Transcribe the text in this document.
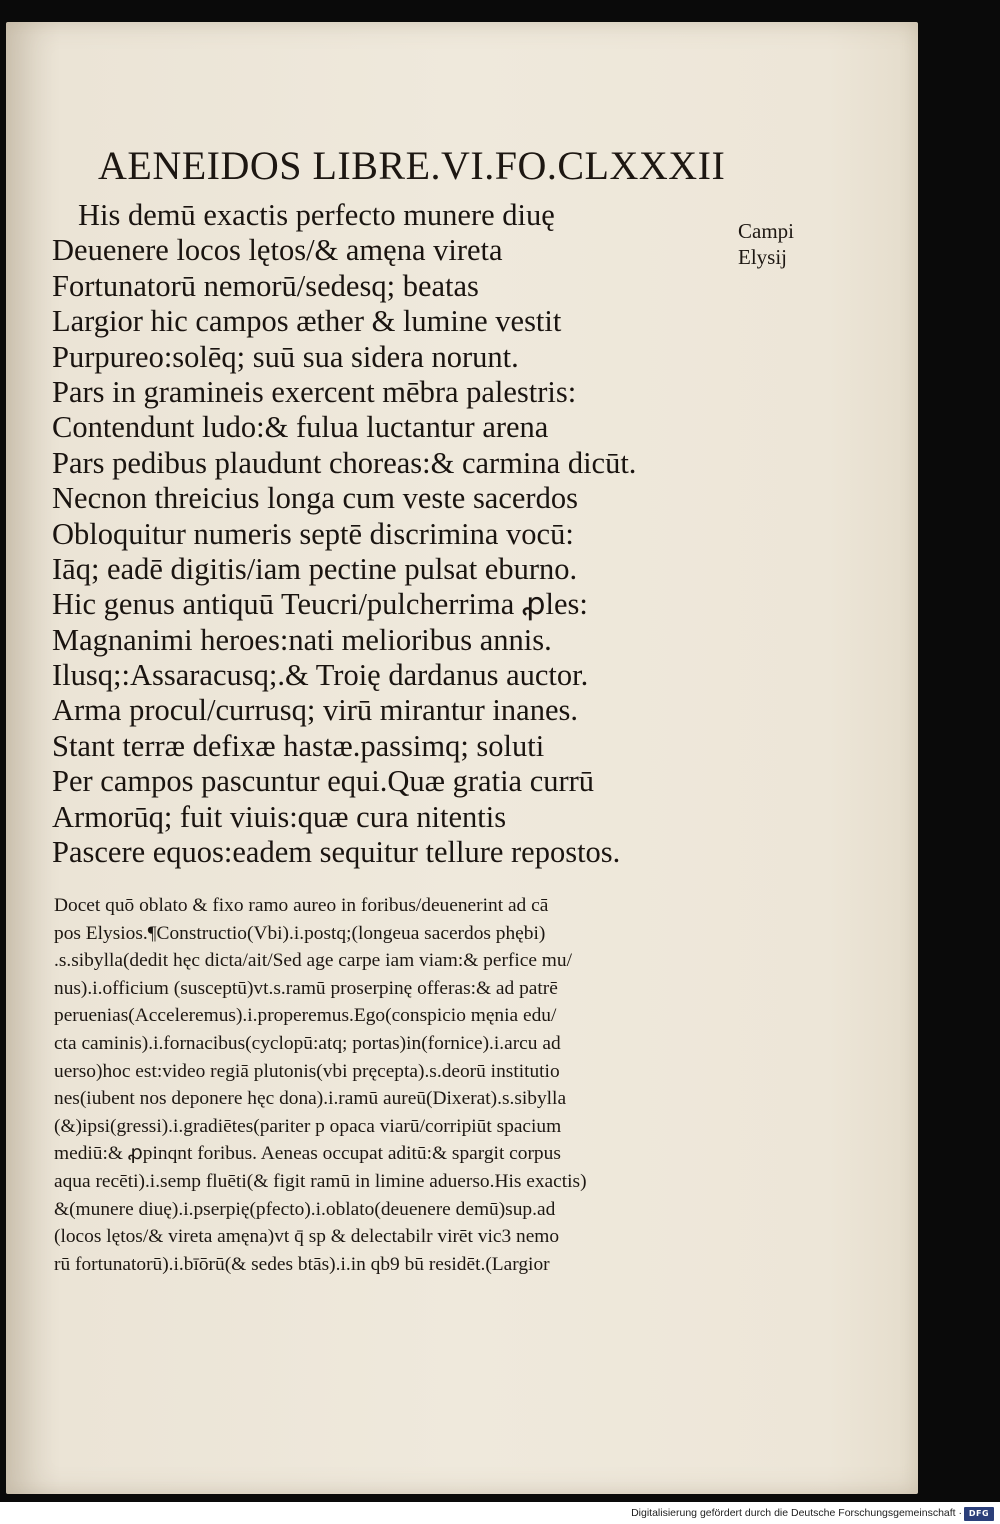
AENEIDOS LIBRE.VI.FO.CLXXXII
Campi
Elysij
His demū exactis perfecto munere diuę
Deuenere locos lętos/& amęna vireta
Fortunatorū nemorū/sedesq; beatas
Largior hic campos æther & lumine vestit
Purpureo:solēq; suū sua sidera norunt.
Pars in gramineis exercent mēbra palestris:
Contendunt ludo:& fulua luctantur arena
Pars pedibus plaudunt choreas:& carmina dicūt.
Necnon threicius longa cum veste sacerdos
Obloquitur numeris septē discrimina vocū:
Iāq; eadē digitis/iam pectine pulsat eburno.
Hic genus antiquū Teucri/pulcherrima ꝓles:
Magnanimi heroes:nati melioribus annis.
Ilusq;:Assaracusq;.& Troię dardanus auctor.
Arma procul/currusq; virū mirantur inanes.
Stant terræ defixæ hastæ.passimq; soluti
Per campos pascuntur equi.Quæ gratia currū
Armorūq; fuit viuis:quæ cura nitentis
Pascere equos:eadem sequitur tellure repostos.
Docet quō oblato & fixo ramo aureo in foribus/deuenerint ad cā
pos Elysios.¶Constructio(Vbi).i.postq;(longeua sacerdos phębi)
.s.sibylla(dedit hęc dicta/ait/Sed age carpe iam viam:& perfice mu/
nus).i.officium (susceptū)vt.s.ramū proserpinę offeras:& ad patrē
peruenias(Acceleremus).i.properemus.Ego(conspicio męnia edu/
cta caminis).i.fornacibus(cyclopū:atq; portas)in(fornice).i.arcu ad
uerso)hoc est:video regiā plutonis(vbi pręcepta).s.deorū institutio
nes(iubent nos deponere hęc dona).i.ramū aureū(Dixerat).s.sibylla
(&)ipsi(gressi).i.gradiētes(pariter p opaca viarū/corripiūt spacium
mediū:& ꝓpinqnt foribus. Aeneas occupat aditū:& spargit corpus
aqua recēti).i.semp fluēti(& figit ramū in limine aduerso.His exactis)
&(munere diuę).i.pserpię(pfecto).i.oblato(deuenere demū)sup.ad
(locos lętos/& vireta amęna)vt q̄ sp & delectabilr virēt vic3 nemo
rū fortunatorū).i.bīōrū(& sedes btās).i.in qb9 bū residēt.(Largior
Digitalisierung gefördert durch die Deutsche Forschungsgemeinschaft · DFG
